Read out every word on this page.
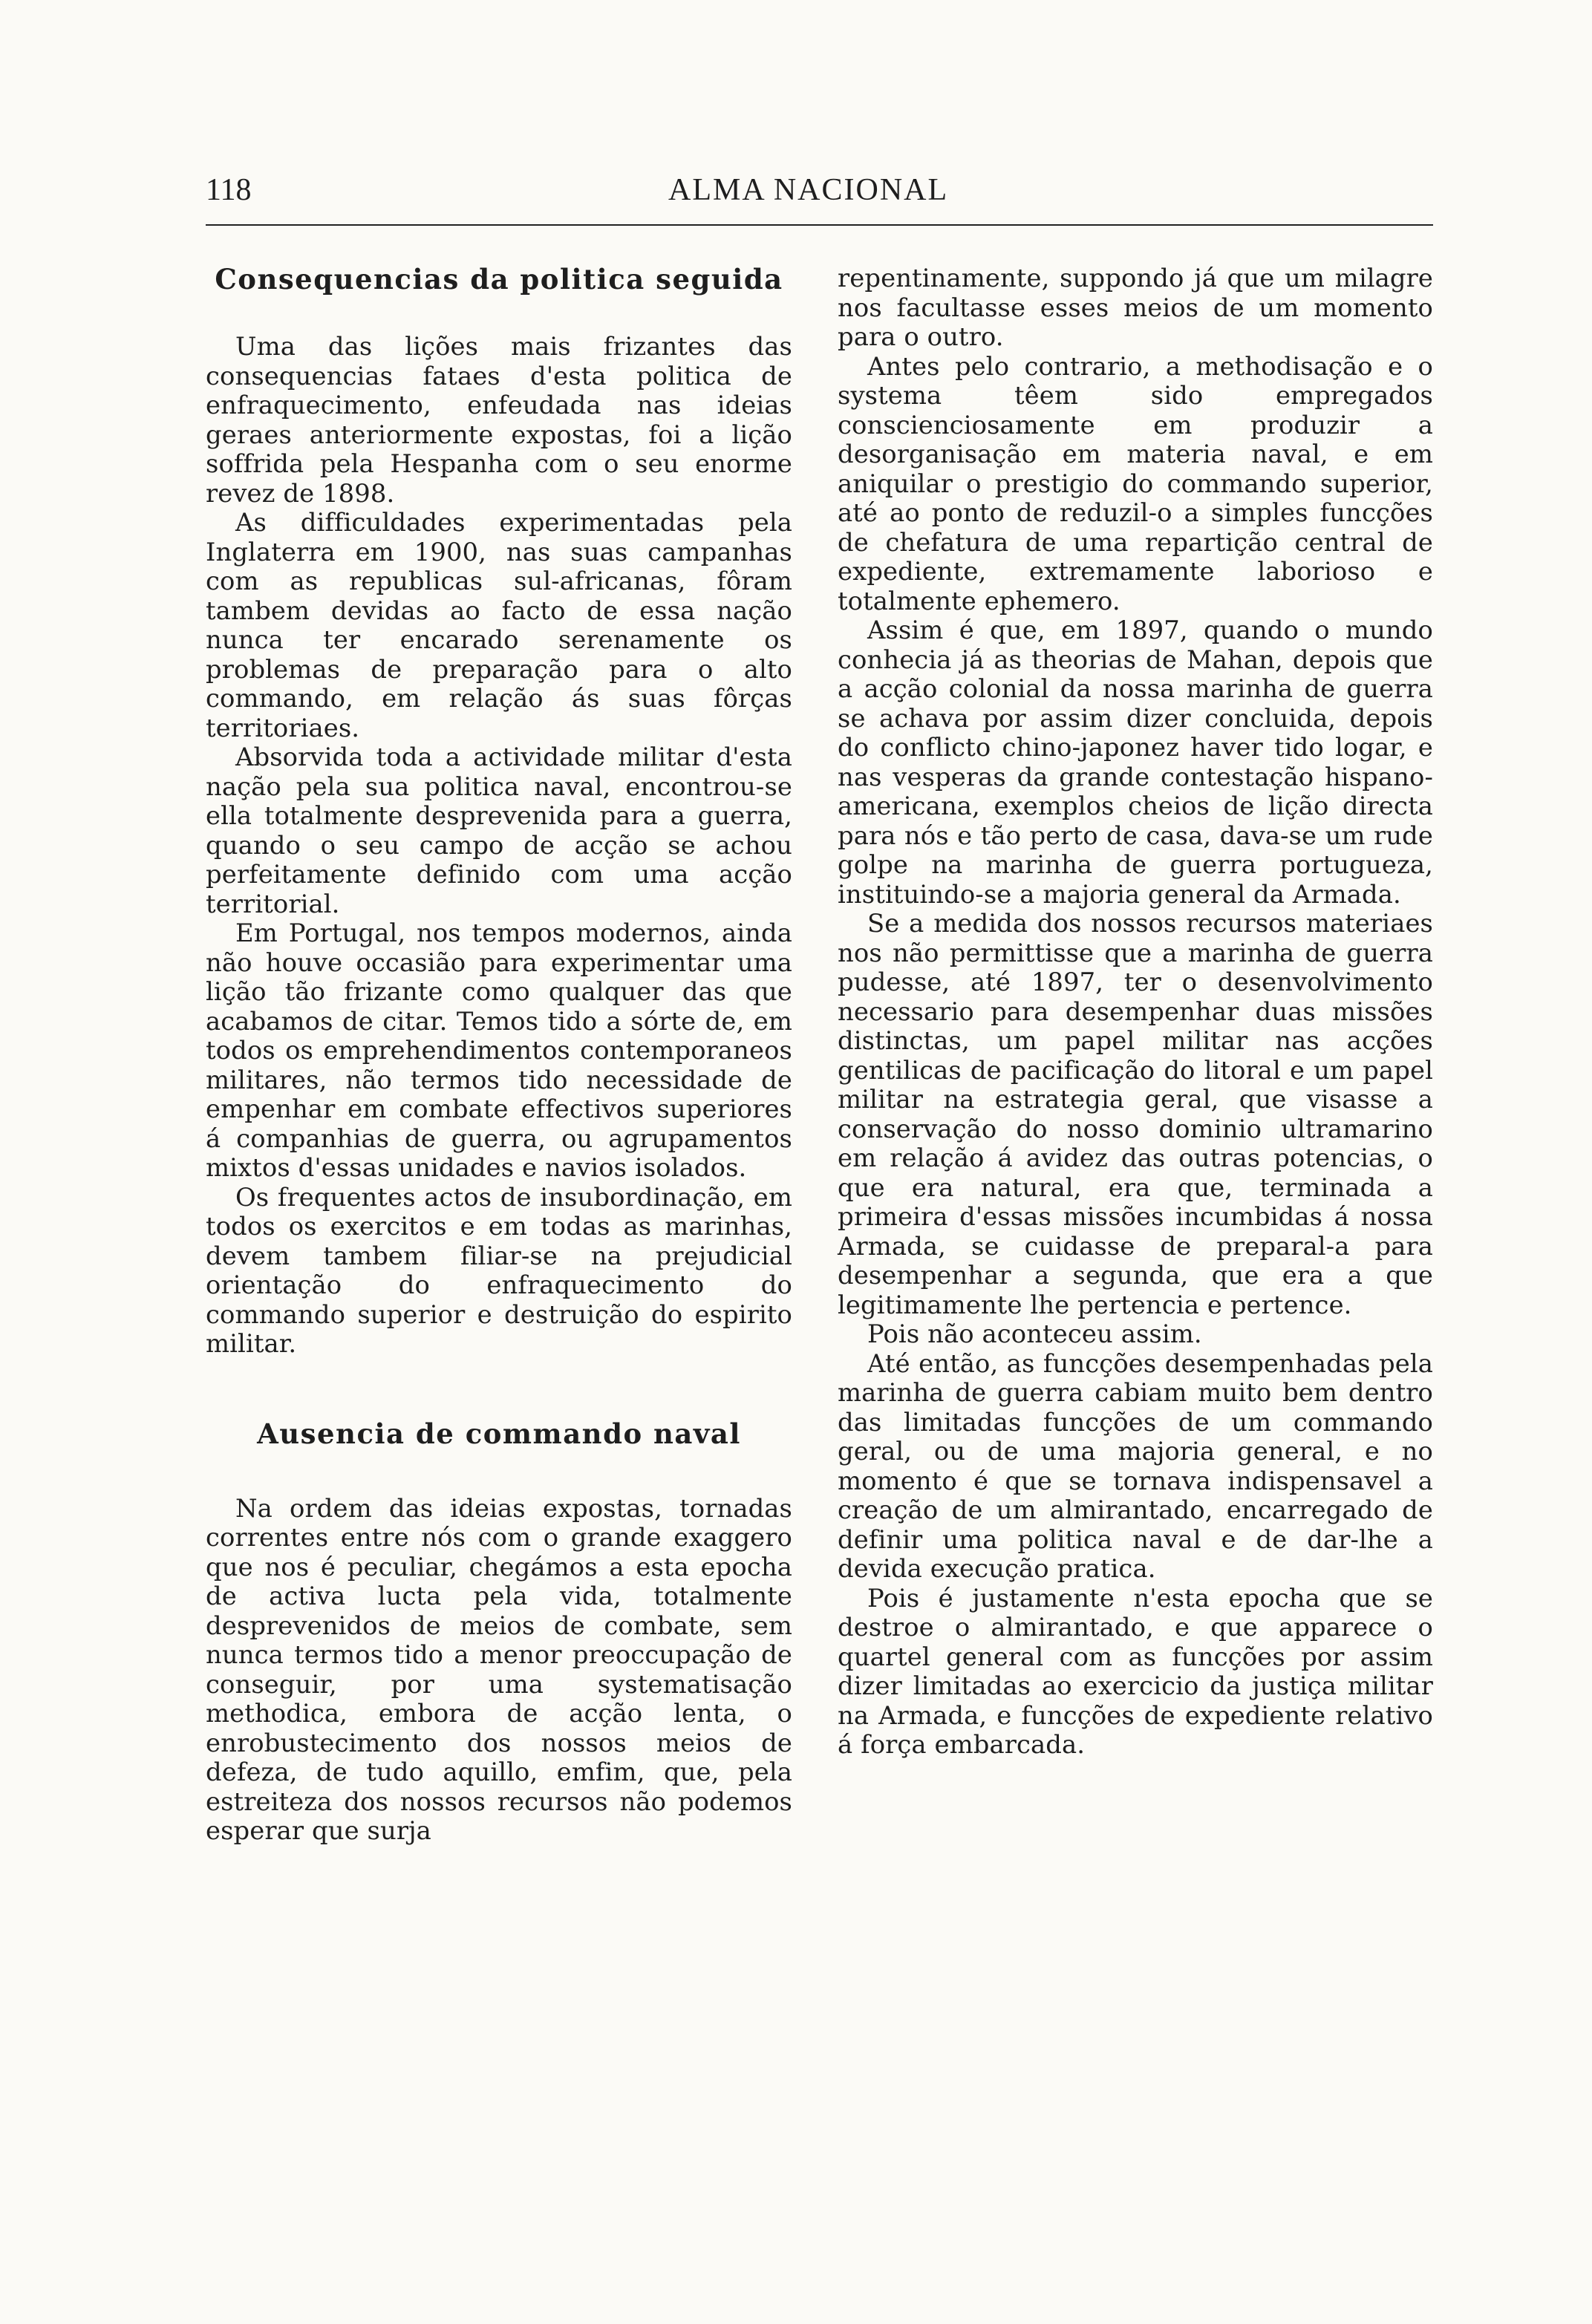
118	ALMA NACIONAL
Consequencias da politica seguida

Uma das lições mais frizantes das consequencias fataes d'esta politica de enfraquecimento, enfeudada nas ideias geraes anteriormente expostas, foi a lição soffrida pela Hespanha com o seu enorme revez de 1898.

As difficuldades experimentadas pela Inglaterra em 1900, nas suas campanhas com as republicas sul-africanas, fôram tambem devidas ao facto de essa nação nunca ter encarado serenamente os problemas de preparação para o alto commando, em relação ás suas fôrças territoriaes.

Absorvida toda a actividade militar d'esta nação pela sua politica naval, encontrou-se ella totalmente desprevenida para a guerra, quando o seu campo de acção se achou perfeitamente definido com uma acção territorial.

Em Portugal, nos tempos modernos, ainda não houve occasião para experimentar uma lição tão frizante como qualquer das que acabamos de citar. Temos tido a sórte de, em todos os emprehendimentos contemporaneos militares, não termos tido necessidade de empenhar em combate effectivos superiores á companhias de guerra, ou agrupamentos mixtos d'essas unidades e navios isolados.

Os frequentes actos de insubordinação, em todos os exercitos e em todas as marinhas, devem tambem filiar-se na prejudicial orientação do enfraquecimento do commando superior e destruição do espirito militar.

Ausencia de commando naval

Na ordem das ideias expostas, tornadas correntes entre nós com o grande exaggero que nos é peculiar, chegámos a esta epocha de activa lucta pela vida, totalmente desprevenidos de meios de combate, sem nunca termos tido a menor preoccupação de conseguir, por uma systematisação methodica, embora de acção lenta, o enrobustecimento dos nossos meios de defeza, de tudo aquillo, emfim, que, pela estreiteza dos nossos recursos não podemos esperar que surja

repentinamente, suppondo já que um milagre nos facultasse esses meios de um momento para o outro.

Antes pelo contrario, a methodisação e o systema têem sido empregados conscienciosamente em produzir a desorganisação em materia naval, e em aniquilar o prestigio do commando superior, até ao ponto de reduzil-o a simples funcções de chefatura de uma repartição central de expediente, extremamente laborioso e totalmente ephemero.

Assim é que, em 1897, quando o mundo conhecia já as theorias de Mahan, depois que a acção colonial da nossa marinha de guerra se achava por assim dizer concluida, depois do conflicto chino-japonez haver tido logar, e nas vesperas da grande contestação hispano-americana, exemplos cheios de lição directa para nós e tão perto de casa, dava-se um rude golpe na marinha de guerra portugueza, instituindo-se a majoria general da Armada.

Se a medida dos nossos recursos materiaes nos não permittisse que a marinha de guerra pudesse, até 1897, ter o desenvolvimento necessario para desempenhar duas missões distinctas, um papel militar nas acções gentilicas de pacificação do litoral e um papel militar na estrategia geral, que visasse a conservação do nosso dominio ultramarino em relação á avidez das outras potencias, o que era natural, era que, terminada a primeira d'essas missões incumbidas á nossa Armada, se cuidasse de preparal-a para desempenhar a segunda, que era a que legitimamente lhe pertencia e pertence.

Pois não aconteceu assim.

Até então, as funcções desempenhadas pela marinha de guerra cabiam muito bem dentro das limitadas funcções de um commando geral, ou de uma majoria general, e no momento é que se tornava indispensavel a creação de um almirantado, encarregado de definir uma politica naval e de dar-lhe a devida execução pratica.

Pois é justamente n'esta epocha que se destroe o almirantado, e que apparece o quartel general com as funcções por assim dizer limitadas ao exercicio da justiça militar na Armada, e funcções de expediente relativo á força embarcada.
